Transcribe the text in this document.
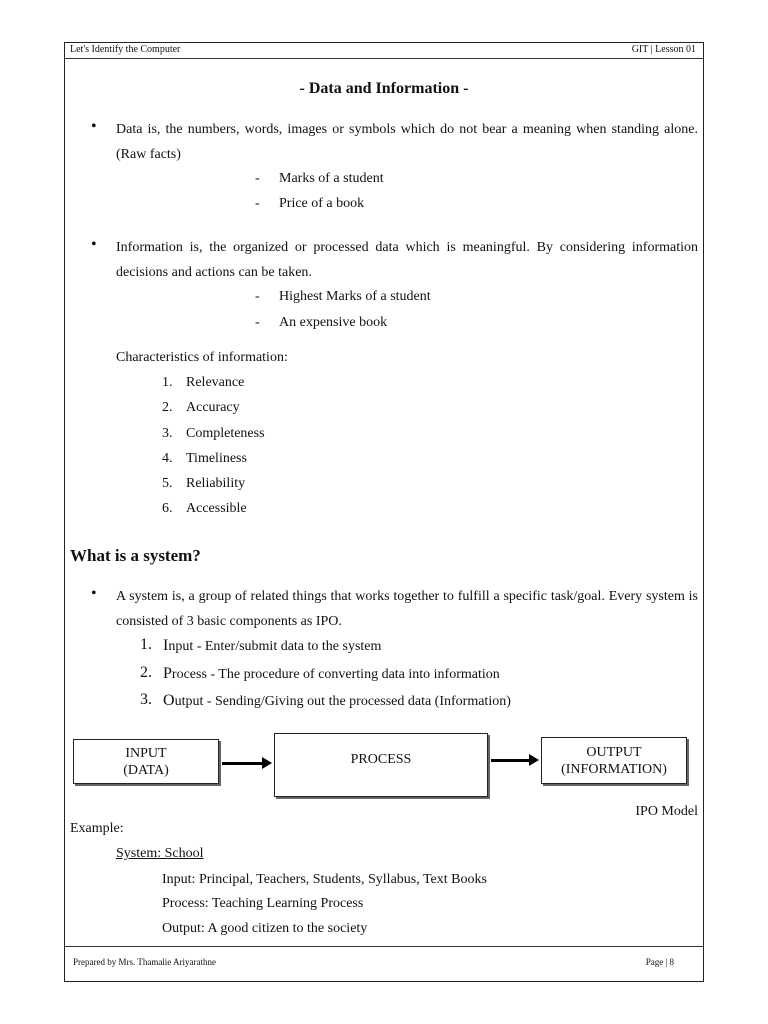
Let's Identify the Computer	GIT | Lesson 01
- Data and Information -
• Data is, the numbers, words, images or symbols which do not bear a meaning when standing alone. (Raw facts)
- Marks of a student
- Price of a book
• Information is, the organized or processed data which is meaningful. By considering information decisions and actions can be taken.
- Highest Marks of a student
- An expensive book
Characteristics of information:
1. Relevance
2. Accuracy
3. Completeness
4. Timeliness
5. Reliability
6. Accessible
What is a system?
• A system is, a group of related things that works together to fulfill a specific task/goal. Every system is consisted of 3 basic components as IPO.
1. Input - Enter/submit data to the system
2. Process - The procedure of converting data into information
3. Output - Sending/Giving out the processed data (Information)
INPUT
(DATA)
PROCESS	OUTPUT
(INFORMATION)
IPO Model
Example:
System: School
Input: Principal, Teachers, Students, Syllabus, Text Books
Process: Teaching Learning Process
Output: A good citizen to the society
Prepared by Mrs. Thamalie Ariyarathne	Page | 8
